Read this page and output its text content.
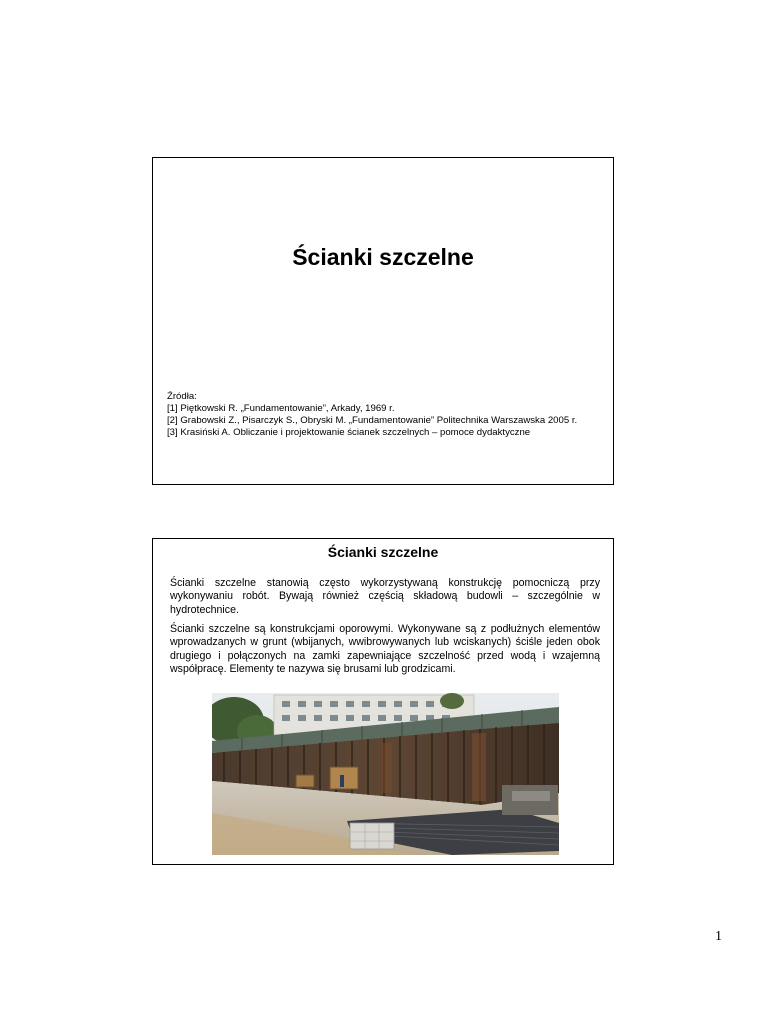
Ścianki szczelne
Źródła:
[1] Piętkowski R. „Fundamentowanie”, Arkady, 1969 r.
[2] Grabowski Z., Pisarczyk S., Obryski M. „Fundamentowanie” Politechnika Warszawska 2005 r.
[3] Krasiński A. Obliczanie i projektowanie ścianek szczelnych – pomoce dydaktyczne
Ścianki szczelne
Ścianki szczelne stanowią często wykorzystywaną konstrukcję pomocniczą przy wykonywaniu robót. Bywają również częścią składową budowli – szczególnie w hydrotechnice.
Ścianki szczelne są konstrukcjami oporowymi. Wykonywane są z podłużnych elementów wprowadzanych w grunt (wbijanych, wwibrowywanych lub wciskanych) ściśle jeden obok drugiego i połączonych na zamki zapewniające szczelność przed wodą i wzajemną współpracę. Elementy te nazywa się brusami lub grodzicami.
1
